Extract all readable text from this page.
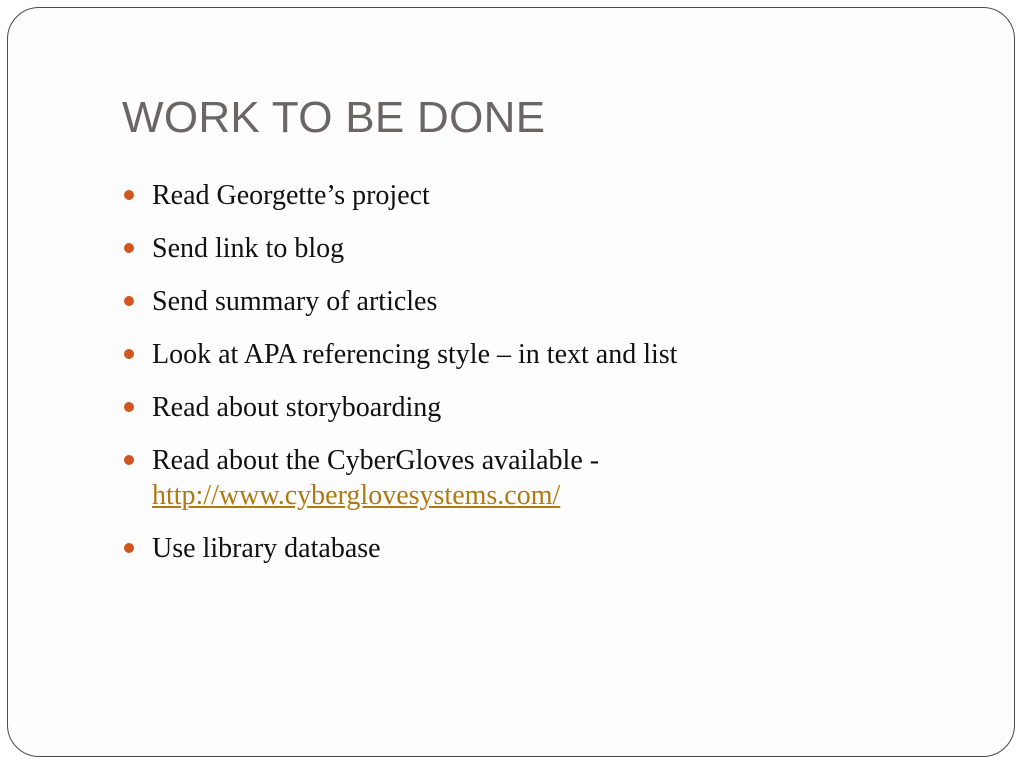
WORK TO BE DONE
Read Georgette’s project
Send link to blog
Send summary of articles
Look at APA referencing style – in text and list
Read about storyboarding
Read about the CyberGloves available -
http://www.cyberglovesystems.com/
Use library database
